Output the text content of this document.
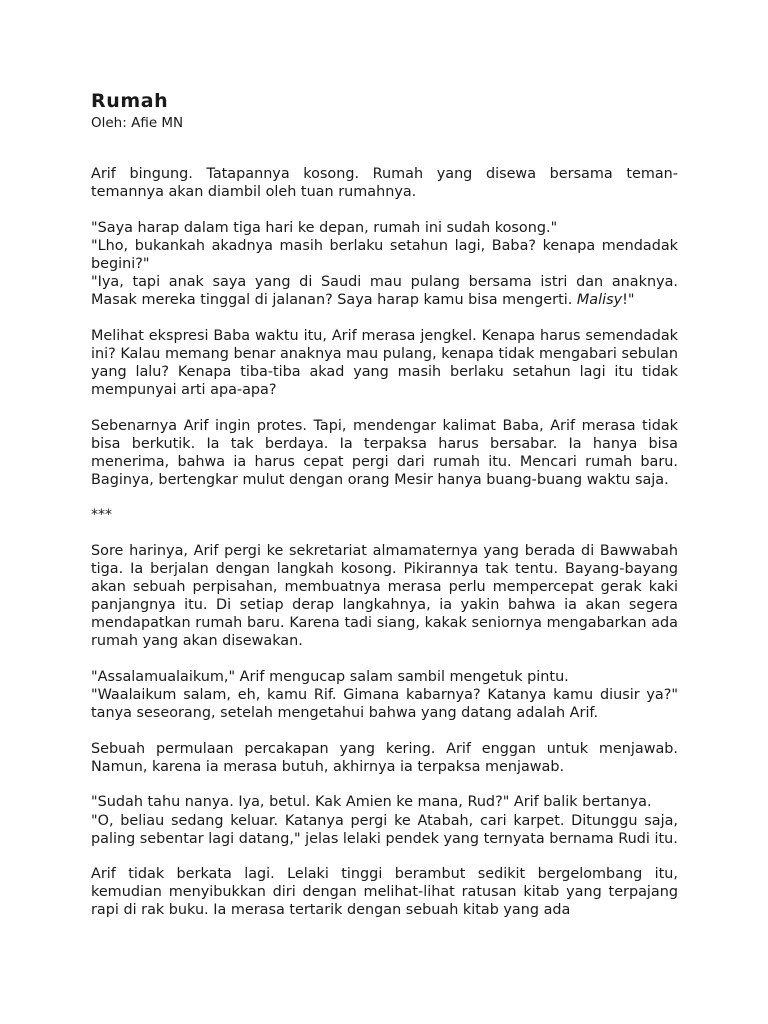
Rumah

Oleh: Afie MN

Arif bingung. Tatapannya kosong. Rumah yang disewa bersama teman-temannya akan diambil oleh tuan rumahnya.

"Saya harap dalam tiga hari ke depan, rumah ini sudah kosong."
"Lho, bukankah akadnya masih berlaku setahun lagi, Baba? kenapa mendadak begini?"
"Iya, tapi anak saya yang di Saudi mau pulang bersama istri dan anaknya. Masak mereka tinggal di jalanan? Saya harap kamu bisa mengerti. Malisy!"

Melihat ekspresi Baba waktu itu, Arif merasa jengkel. Kenapa harus semendadak ini? Kalau memang benar anaknya mau pulang, kenapa tidak mengabari sebulan yang lalu? Kenapa tiba-tiba akad yang masih berlaku setahun lagi itu tidak mempunyai arti apa-apa?

Sebenarnya Arif ingin protes. Tapi, mendengar kalimat Baba, Arif merasa tidak bisa berkutik. Ia tak berdaya. Ia terpaksa harus bersabar. Ia hanya bisa menerima, bahwa ia harus cepat pergi dari rumah itu. Mencari rumah baru. Baginya, bertengkar mulut dengan orang Mesir hanya buang-buang waktu saja.

***

Sore harinya, Arif pergi ke sekretariat almamaternya yang berada di Bawwabah tiga. Ia berjalan dengan langkah kosong. Pikirannya tak tentu. Bayang-bayang akan sebuah perpisahan, membuatnya merasa perlu mempercepat gerak kaki panjangnya itu. Di setiap derap langkahnya, ia yakin bahwa ia akan segera mendapatkan rumah baru. Karena tadi siang, kakak seniornya mengabarkan ada rumah yang akan disewakan.

"Assalamualaikum," Arif mengucap salam sambil mengetuk pintu.
"Waalaikum salam, eh, kamu Rif. Gimana kabarnya? Katanya kamu diusir ya?" tanya seseorang, setelah mengetahui bahwa yang datang adalah Arif.

Sebuah permulaan percakapan yang kering. Arif enggan untuk menjawab. Namun, karena ia merasa butuh, akhirnya ia terpaksa menjawab.

"Sudah tahu nanya. Iya, betul. Kak Amien ke mana, Rud?" Arif balik bertanya.
"O, beliau sedang keluar. Katanya pergi ke Atabah, cari karpet. Ditunggu saja, paling sebentar lagi datang," jelas lelaki pendek yang ternyata bernama Rudi itu.

Arif tidak berkata lagi. Lelaki tinggi berambut sedikit bergelombang itu, kemudian menyibukkan diri dengan melihat-lihat ratusan kitab yang terpajang rapi di rak buku. Ia merasa tertarik dengan sebuah kitab yang ada
